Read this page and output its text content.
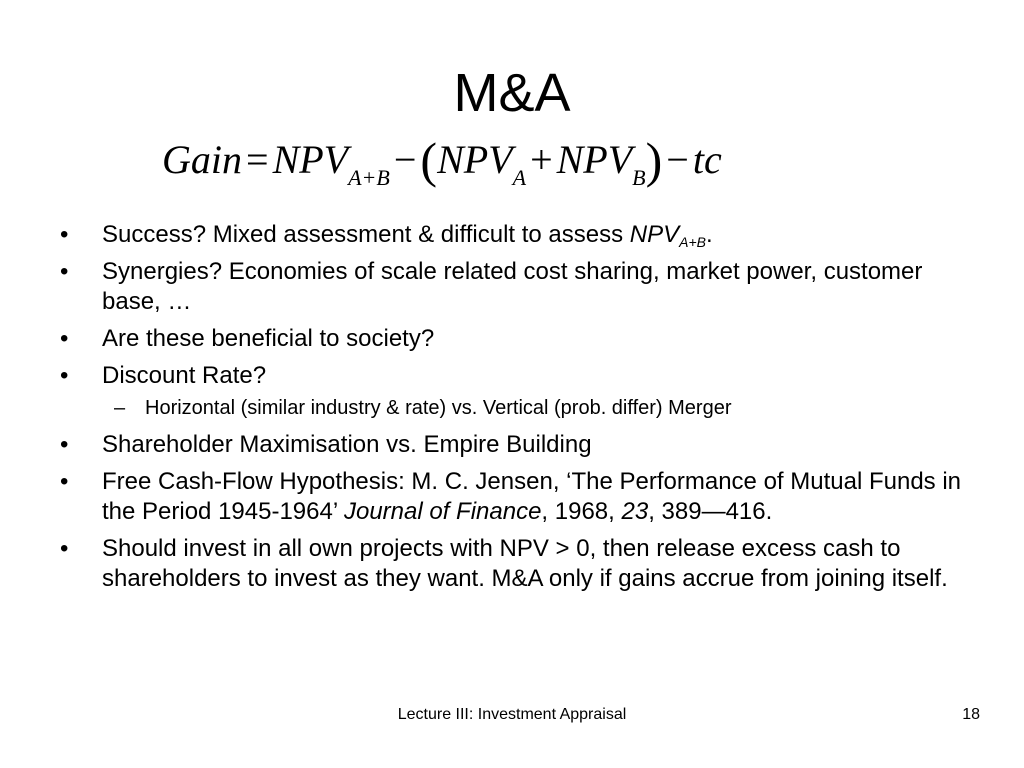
M&A
Gain = $NPV_{A+B} -(NPV_A + NPV_B)$ − tc
• Success? Mixed assessment & difficult to assess $NPV_{A+B}$.
• Synergies? Economies of scale related cost sharing, market power, customer base, …
• Are these beneficial to society?
• Discount Rate?
– Horizontal (similar industry & rate) vs. Vertical (prob. differ) Merger
• Shareholder Maximisation vs. Empire Building
• Free Cash-Flow Hypothesis: M. C. Jensen, ‘The Performance of Mutual Funds in the Period 1945-1964’ Journal of Finance, 1968, 23, 389—416.
• Should invest in all own projects with NPV > 0, then release excess cash to shareholders to invest as they want. M&A only if gains accrue from joining itself.
Lecture III: Investment Appraisal	18
